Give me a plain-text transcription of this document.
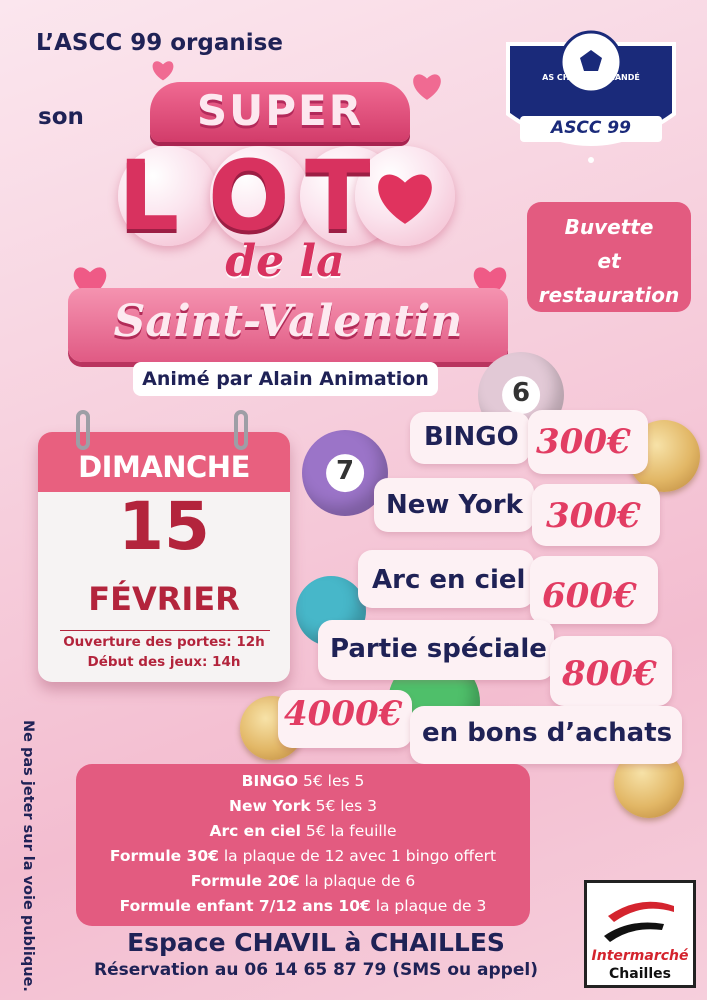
L’ASCC 99 organise
son	SUPER
L O T
de la
Saint-Valentin
Animé par Alain Animation
AS CHAILLES - CANDÉ
ASCC 99
Buvette
et
restauration
6
7
DIMANCHE
15
FÉVRIER
Ouverture des portes: 12h
Début des jeux: 14h
BINGO 300€
New York 300€
Arc en ciel 600€
Partie spéciale
800€
4000€ en bons d’achats
BINGO 5€ les 5
New York 5€ les 3
Arc en ciel 5€ la feuille
Formule 30€ la plaque de 12 avec 1 bingo offert
Formule 20€ la plaque de 6
Formule enfant 7/12 ans 10€ la plaque de 3
Espace CHAVIL à CHAILLES
Réservation au 06 14 65 87 79 (SMS ou appel)
Ne pas jeter sur la voie publique.	Intermarché
Chailles
